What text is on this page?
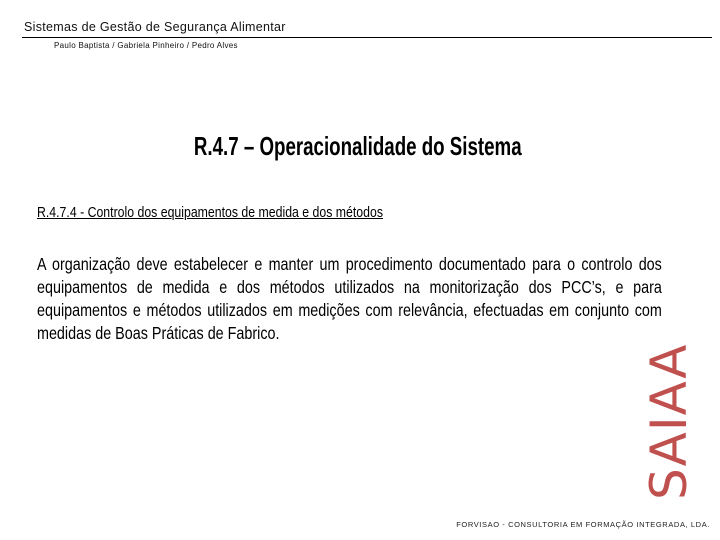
Sistemas de Gestão de Segurança Alimentar
Paulo Baptista / Gabriela Pinheiro / Pedro Alves
R.4.7 – Operacionalidade do Sistema
R.4.7.4 - Controlo dos equipamentos de medida e dos métodos
A organização deve estabelecer e manter um procedimento documentado para o controlo dos equipamentos de medida e dos métodos utilizados na monitorização dos PCC’s, e para equipamentos e métodos utilizados em medições com relevância, efectuadas em conjunto com medidas de Boas Práticas de Fabrico.
SAIAA
FORVISAO - CONSULTORIA EM FORMAÇÃO INTEGRADA, LDA.
